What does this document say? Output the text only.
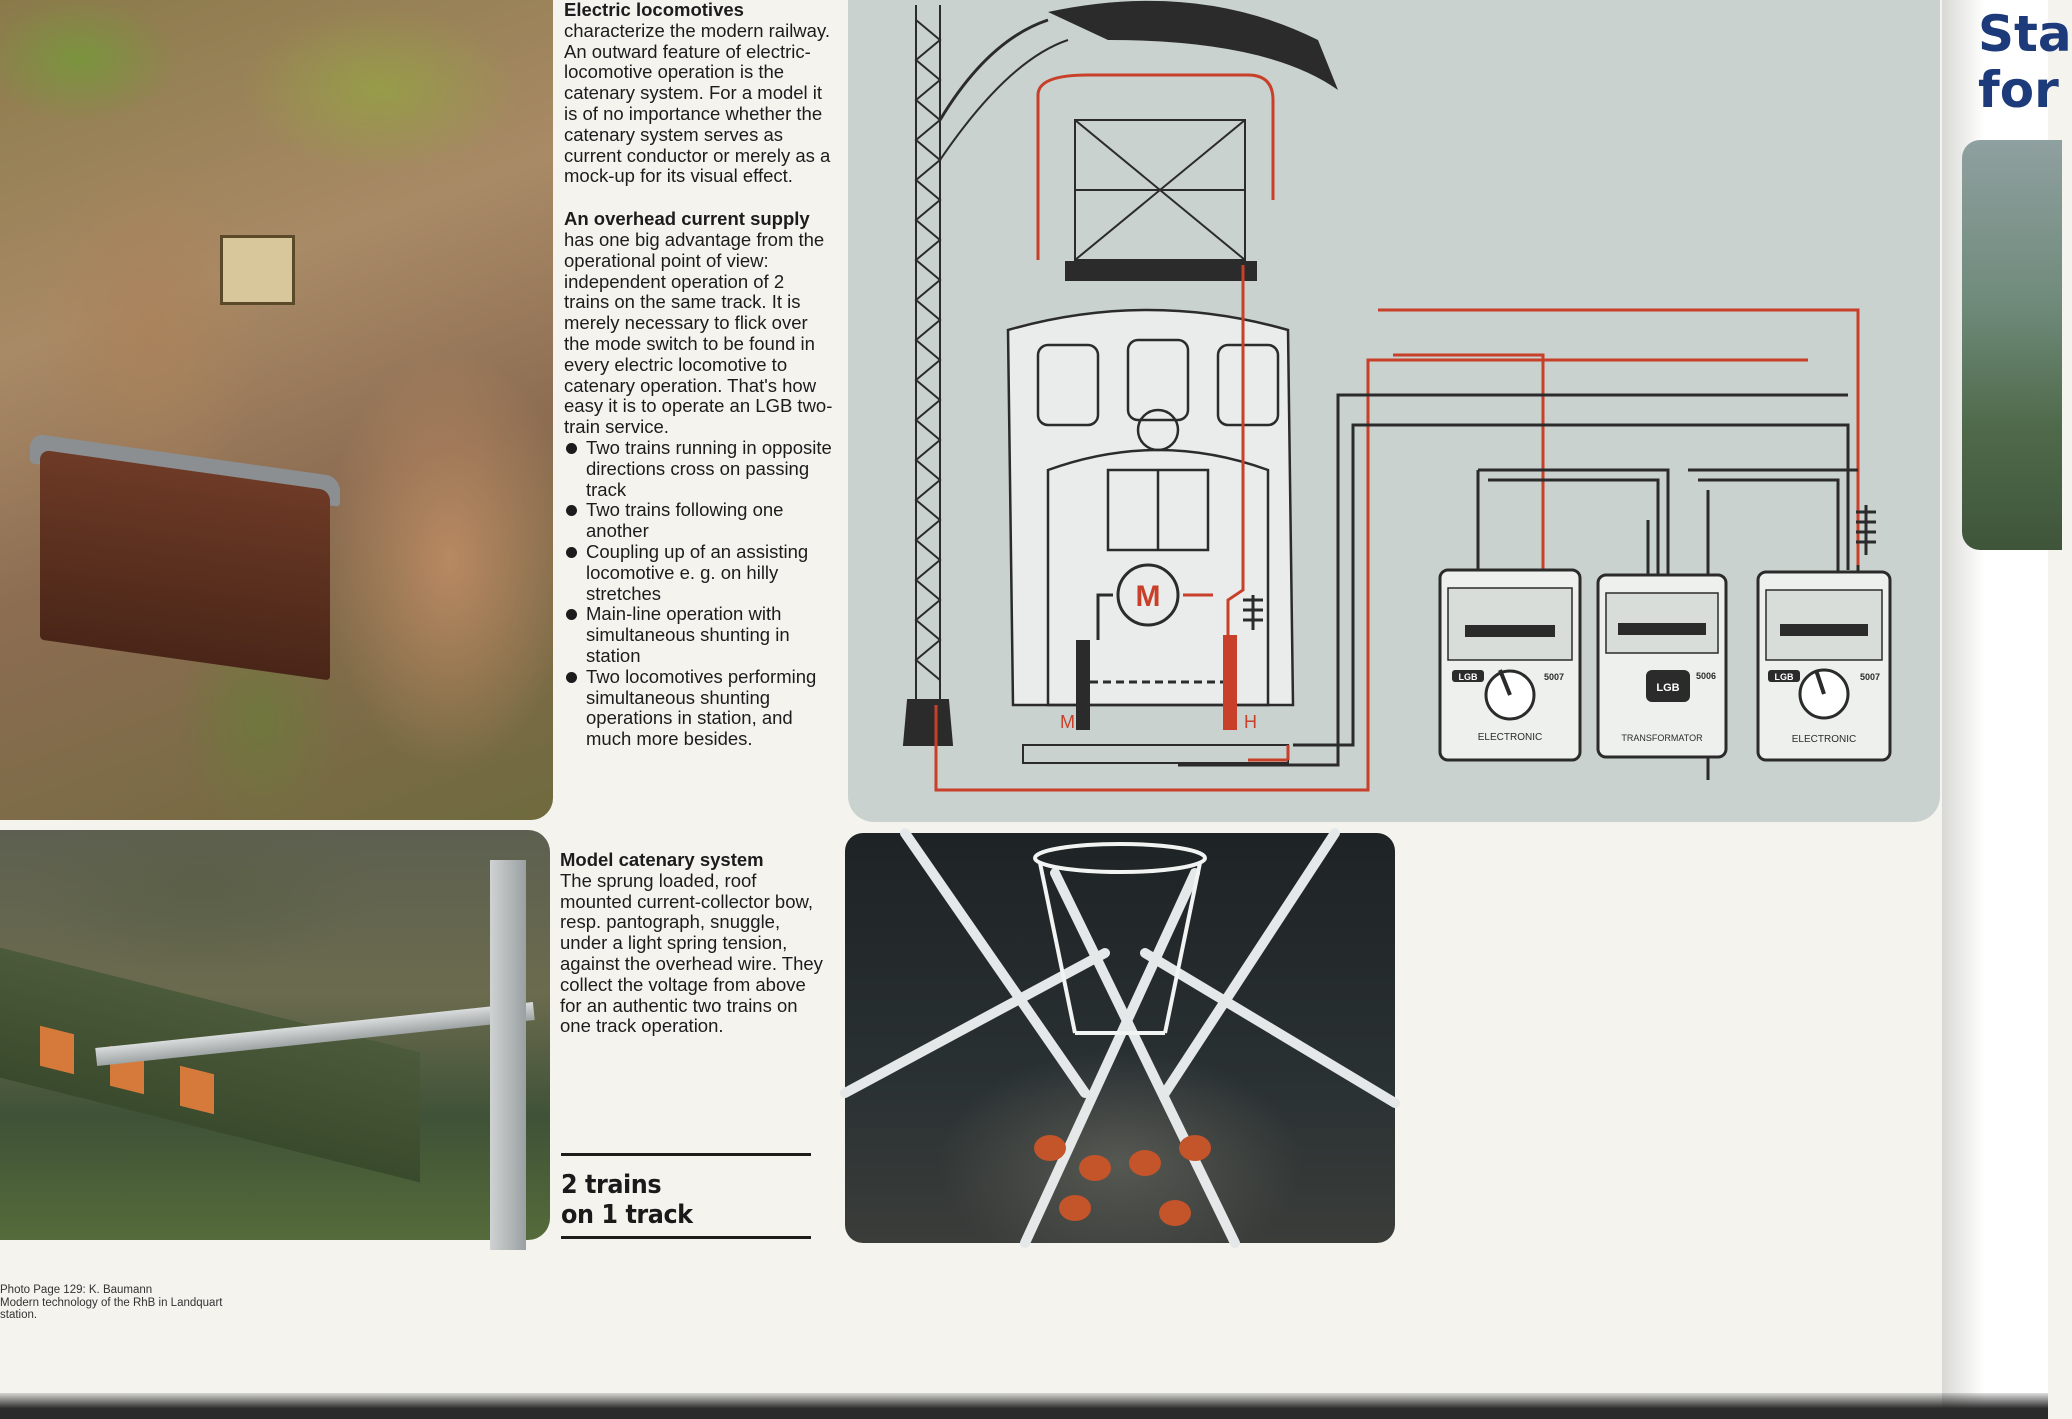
Electric locomotives
characterize the modern railway. An outward feature of electric-locomotive operation is the catenary system. For a model it is of no importance whether the catenary system serves as current conductor or merely as a mock-up for its visual effect.

An overhead current supply
has one big advantage from the operational point of view: independent operation of 2 trains on the same track. It is merely necessary to flick over the mode switch to be found in every electric locomotive to catenary operation. That's how easy it is to operate an LGB two-train service.

Two trains running in opposite directions cross on passing track
Two trains following one another
Coupling up of an assisting locomotive e. g. on hilly stretches
Main-line operation with simultaneous shunting in station
Two locomotives performing simultaneous shunting operations in station, and much more besides.
M
M	H
LGB	5007
ELECTRONIC
LGB
5006
TRANSFORMATOR
LGB	5007
ELECTRONIC

Model catenary system
The sprung loaded, roof mounted current-collector bow, resp. pantograph, snuggle, under a light spring tension, against the overhead wire. They collect the voltage from above for an authentic two trains on one track operation.

2 trains
on 1 track
Photo Page 129: K. Baumann
Modern technology of the RhB in Landquart
station.
Sta
for
